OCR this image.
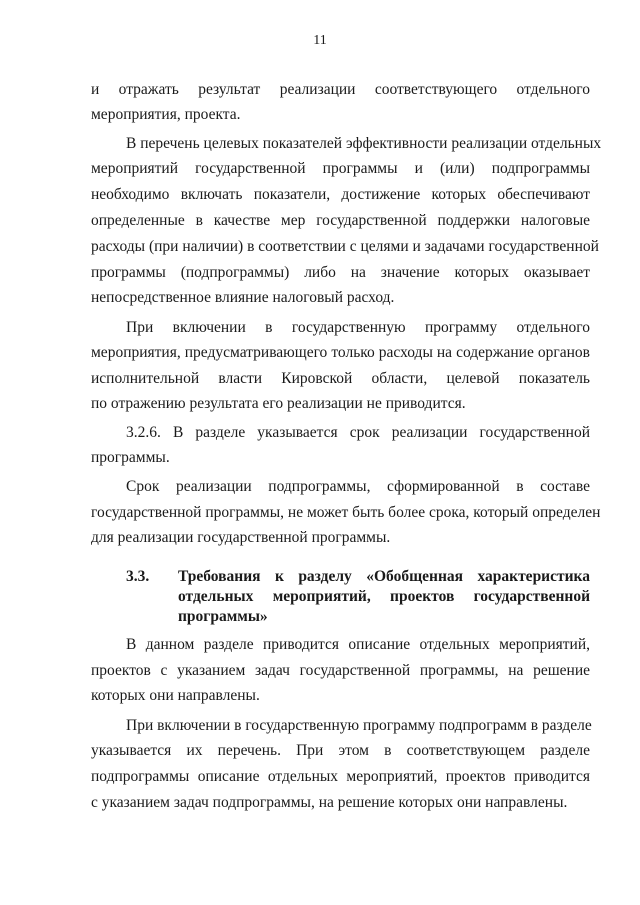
11
и отражать результат реализации соответствующего отдельного
мероприятия, проекта.
В перечень целевых показателей эффективности реализации отдельных
мероприятий государственной программы и (или) подпрограммы
необходимо включать показатели, достижение которых обеспечивают
определенные в качестве мер государственной поддержки налоговые
расходы (при наличии) в соответствии с целями и задачами государственной
программы (подпрограммы) либо на значение которых оказывает
непосредственное влияние налоговый расход.
При включении в государственную программу отдельного
мероприятия, предусматривающего только расходы на содержание органов
исполнительной власти Кировской области, целевой показатель
по отражению результата его реализации не приводится.
3.2.6. В разделе указывается срок реализации государственной
программы.
Срок реализации подпрограммы, сформированной в составе
государственной программы, не может быть более срока, который определен
для реализации государственной программы.
3.3. Требования к разделу «Обобщенная характеристика
отдельных мероприятий, проектов государственной
программы»
В данном разделе приводится описание отдельных мероприятий,
проектов с указанием задач государственной программы, на решение
которых они направлены.
При включении в государственную программу подпрограмм в разделе
указывается их перечень. При этом в соответствующем разделе
подпрограммы описание отдельных мероприятий, проектов приводится
с указанием задач подпрограммы, на решение которых они направлены.
